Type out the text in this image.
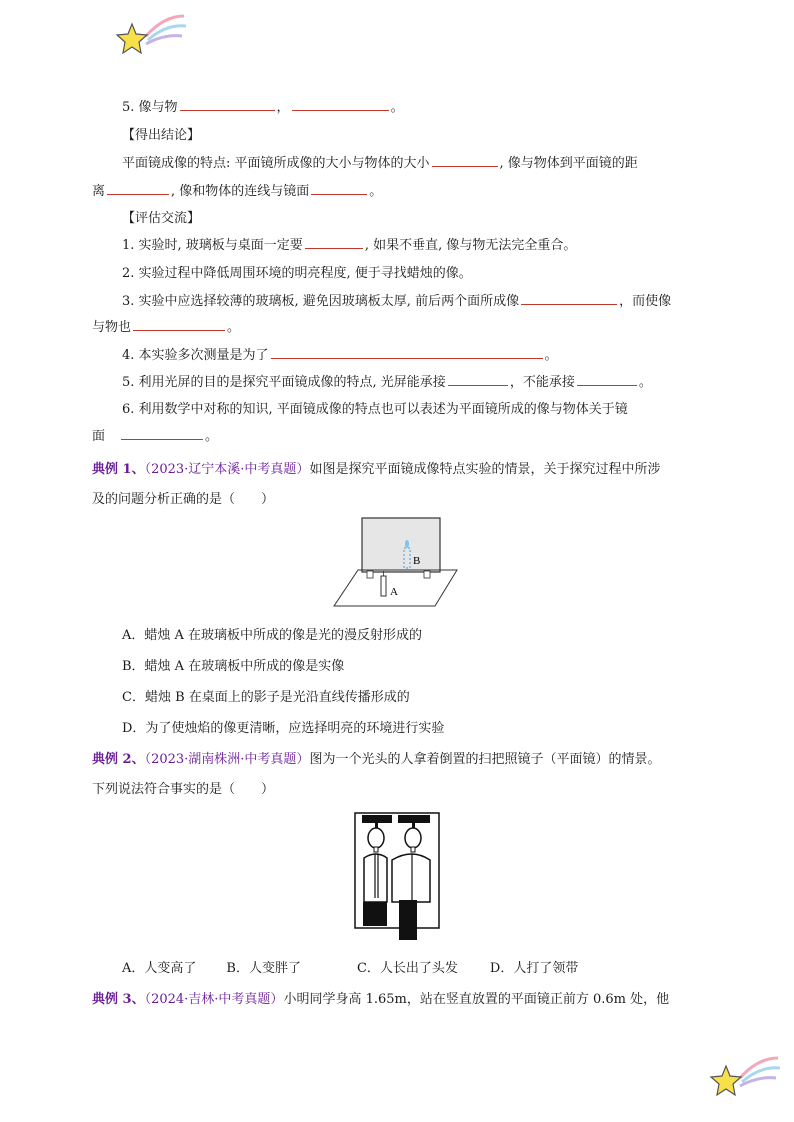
5. 像与物	，	。
【得出结论】
平面镜成像的特点: 平面镜所成像的大小与物体的大小	, 像与物体到平面镜的距
离	, 像和物体的连线与镜面	。
【评估交流】
1. 实验时, 玻璃板与桌面一定要	, 如果不垂直, 像与物无法完全重合。
2. 实验过程中降低周围环境的明亮程度, 便于寻找蜡烛的像。
3. 实验中应选择较薄的玻璃板, 避免因玻璃板太厚, 前后两个面所成像	，而使像
与物也	。
4. 本实验多次测量是为了	。
5. 利用光屏的目的是探究平面镜成像的特点, 光屏能承接	，不能承接	。
6. 利用数学中对称的知识, 平面镜成像的特点也可以表述为平面镜所成的像与物体关于镜
面	。
典例 1、（2023·辽宁本溪·中考真题）如图是探究平面镜成像特点实验的情景，关于探究过程中所涉
及的问题分析正确的是（　　）
B
A
A．蜡烛 A 在玻璃板中所成的像是光的漫反射形成的
B．蜡烛 A 在玻璃板中所成的像是实像
C．蜡烛 B 在桌面上的影子是光沿直线传播形成的
D．为了使烛焰的像更清晰，应选择明亮的环境进行实验
典例 2、（2023·湖南株洲·中考真题）图为一个光头的人拿着倒置的扫把照镜子（平面镜）的情景。
下列说法符合事实的是（　　）
A．人变高了 B．人变胖了	C．人长出了头发 D．人打了领带
典例 3、（2024·吉林·中考真题）小明同学身高 1.65m，站在竖直放置的平面镜正前方 0.6m 处，他
